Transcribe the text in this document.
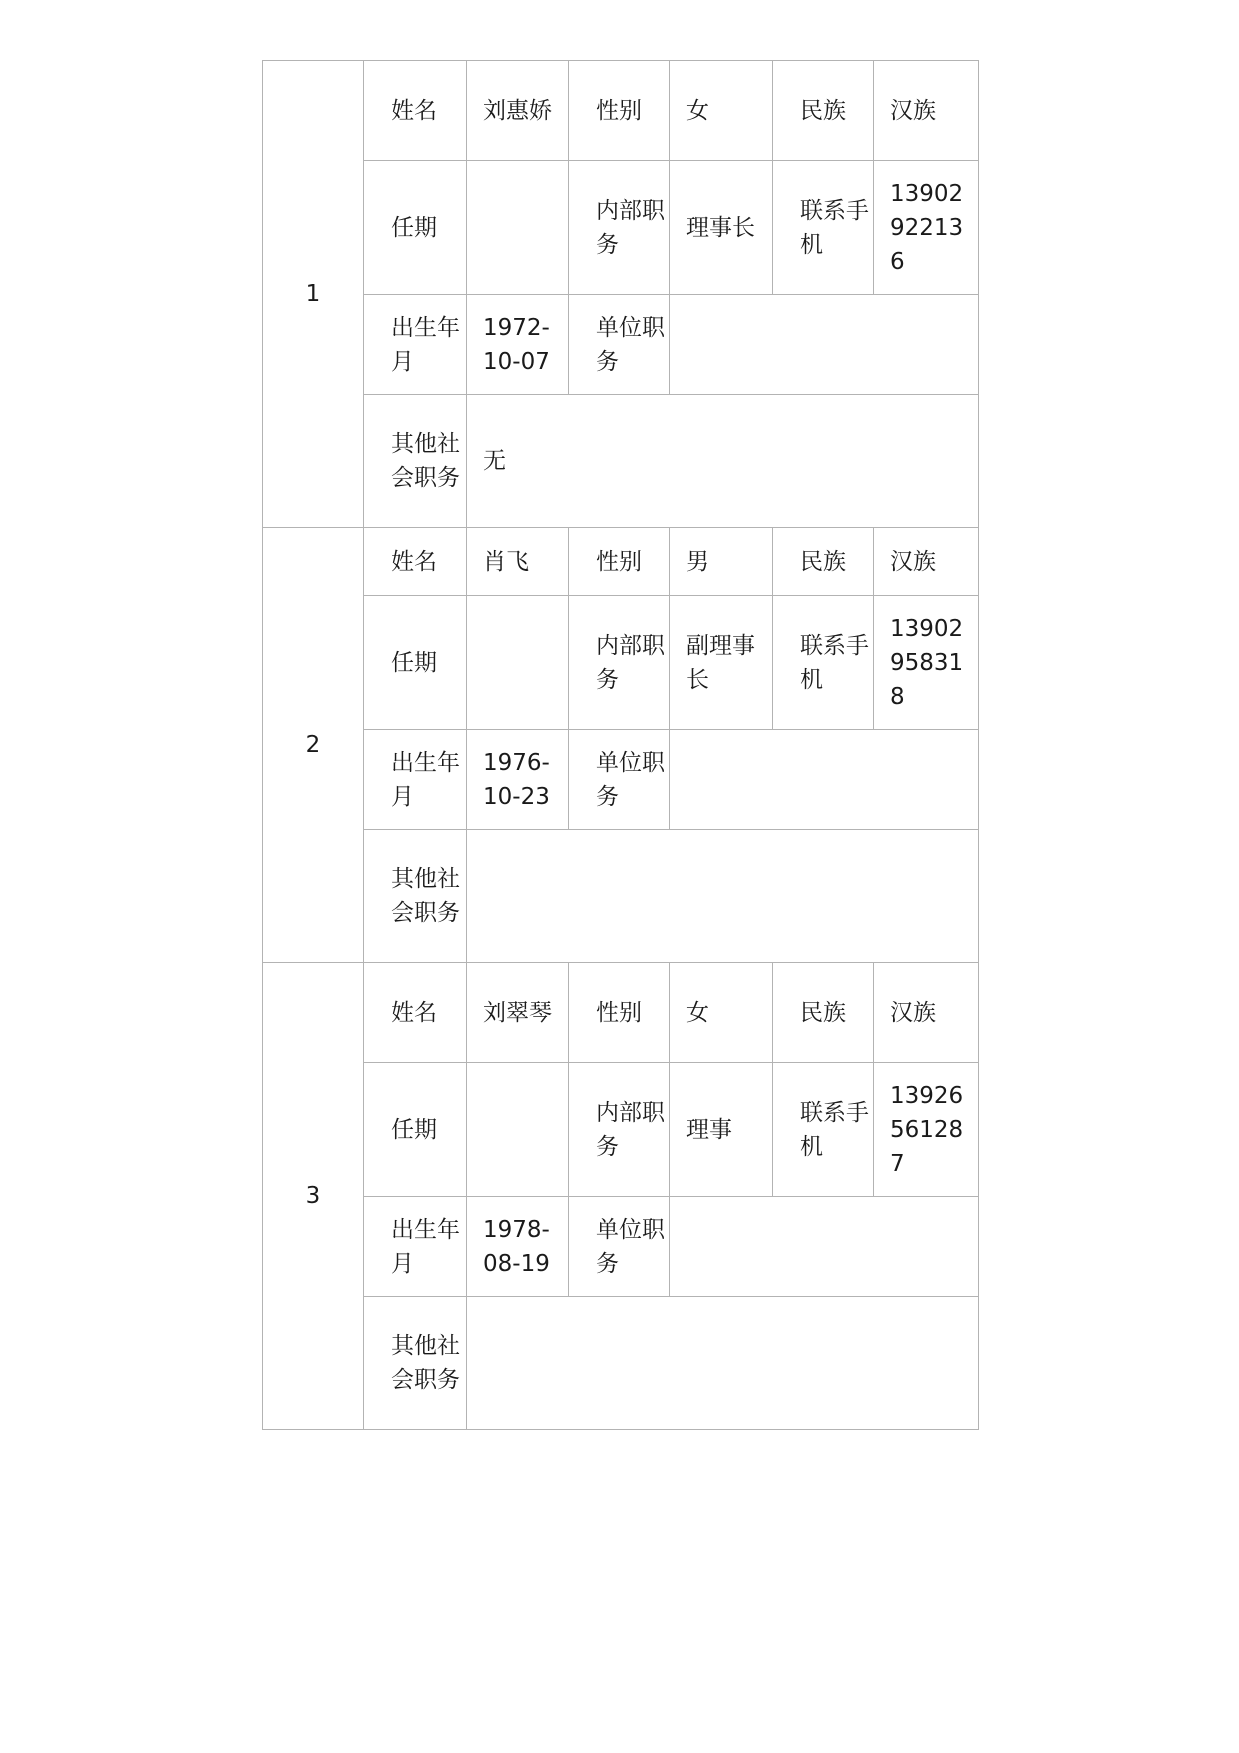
1	姓名	刘惠娇	性别	女	民族	汉族
	任期		内部职务	理事长	联系手机	13902922136
	出生年月	1972-10-07	单位职务			
	其他社会职务	无				
2	姓名	肖飞	性别	男	民族	汉族
	任期		内部职务	副理事长	联系手机	13902958318
	出生年月	1976-10-23	单位职务			
	其他社会职务					
3	姓名	刘翠琴	性别	女	民族	汉族
	任期		内部职务	理事	联系手机	13926561287
	出生年月	1978-08-19	单位职务			
	其他社会职务					
